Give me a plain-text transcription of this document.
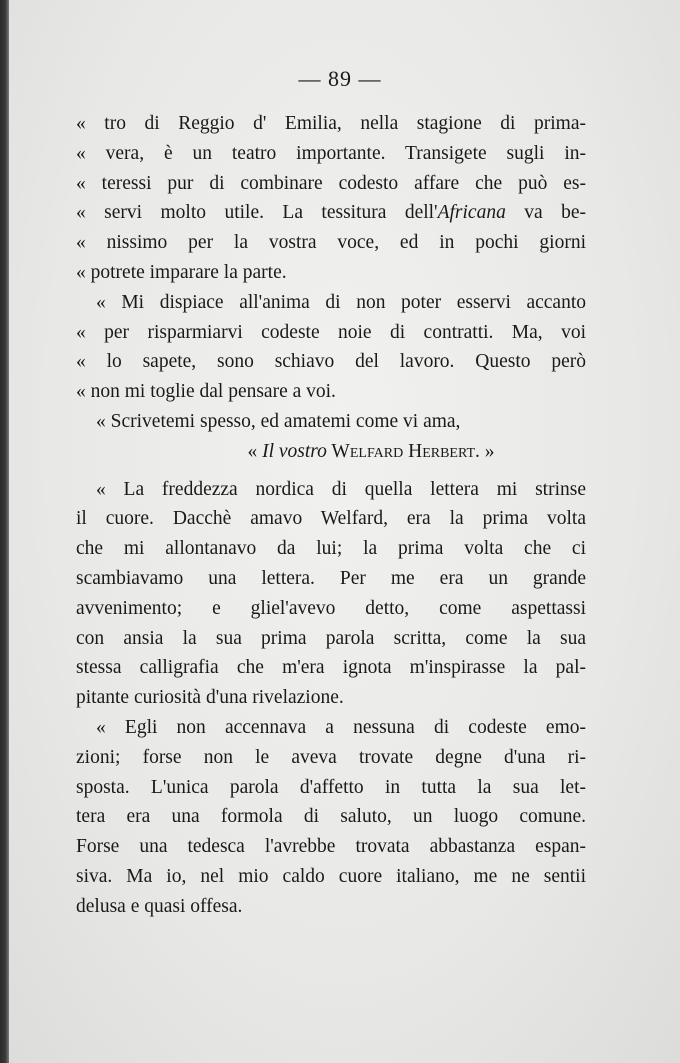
— 89 —
« tro di Reggio d' Emilia, nella stagione di prima-
« vera, è un teatro importante. Transigete sugli in-
« teressi pur di combinare codesto affare che può es-
« servi molto utile. La tessitura dell'Africana va be-
« nissimo per la vostra voce, ed in pochi giorni
« potrete imparare la parte.
« Mi dispiace all'anima di non poter esservi accanto
« per risparmiarvi codeste noie di contratti. Ma, voi
« lo sapete, sono schiavo del lavoro. Questo però
« non mi toglie dal pensare a voi.
« Scrivetemi spesso, ed amatemi come vi ama,
« Il vostro Welfard Herbert. »
« La freddezza nordica di quella lettera mi strinse
il cuore. Dacchè amavo Welfard, era la prima volta
che mi allontanavo da lui; la prima volta che ci
scambiavamo una lettera. Per me era un grande
avvenimento; e gliel'avevo detto, come aspettassi
con ansia la sua prima parola scritta, come la sua
stessa calligrafia che m'era ignota m'inspirasse la pal-
pitante curiosità d'una rivelazione.
« Egli non accennava a nessuna di codeste emo-
zioni; forse non le aveva trovate degne d'una ri-
sposta. L'unica parola d'affetto in tutta la sua let-
tera era una formola di saluto, un luogo comune.
Forse una tedesca l'avrebbe trovata abbastanza espan-
siva. Ma io, nel mio caldo cuore italiano, me ne sentii
delusa e quasi offesa.
